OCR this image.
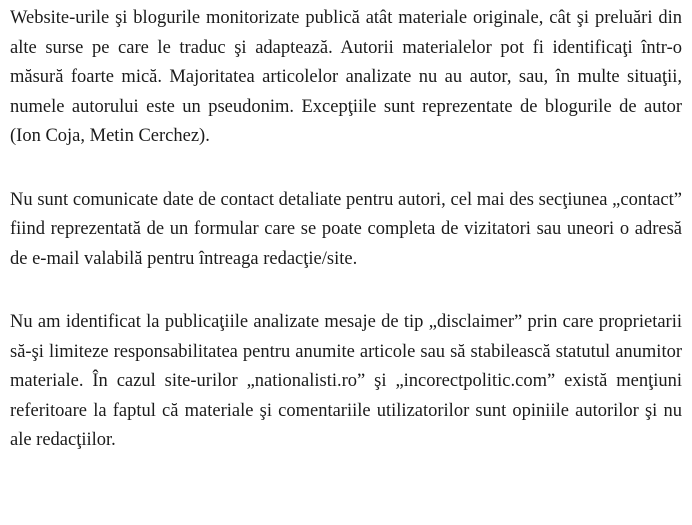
Website-urile şi blogurile monitorizate publică atât materiale originale, cât şi preluări din alte surse pe care le traduc şi adaptează. Autorii materialelor pot fi identificaţi într-o măsură foarte mică. Majoritatea articolelor analizate nu au autor, sau, în multe situaţii, numele autorului este un pseudonim. Excepţiile sunt reprezentate de blogurile de autor (Ion Coja, Metin Cerchez).

Nu sunt comunicate date de contact detaliate pentru autori, cel mai des secţiunea „contact” fiind reprezentată de un formular care se poate completa de vizitatori sau uneori o adresă de e-mail valabilă pentru întreaga redacţie/site.

Nu am identificat la publicaţiile analizate mesaje de tip „disclaimer” prin care proprietarii să-şi limiteze responsabilitatea pentru anumite articole sau să stabilească statutul anumitor materiale. În cazul site-urilor „nationalisti.ro” şi „incorectpolitic.com” există menţiuni referitoare la faptul că materiale şi comentariile utilizatorilor sunt opiniile autorilor şi nu ale redacţiilor.
